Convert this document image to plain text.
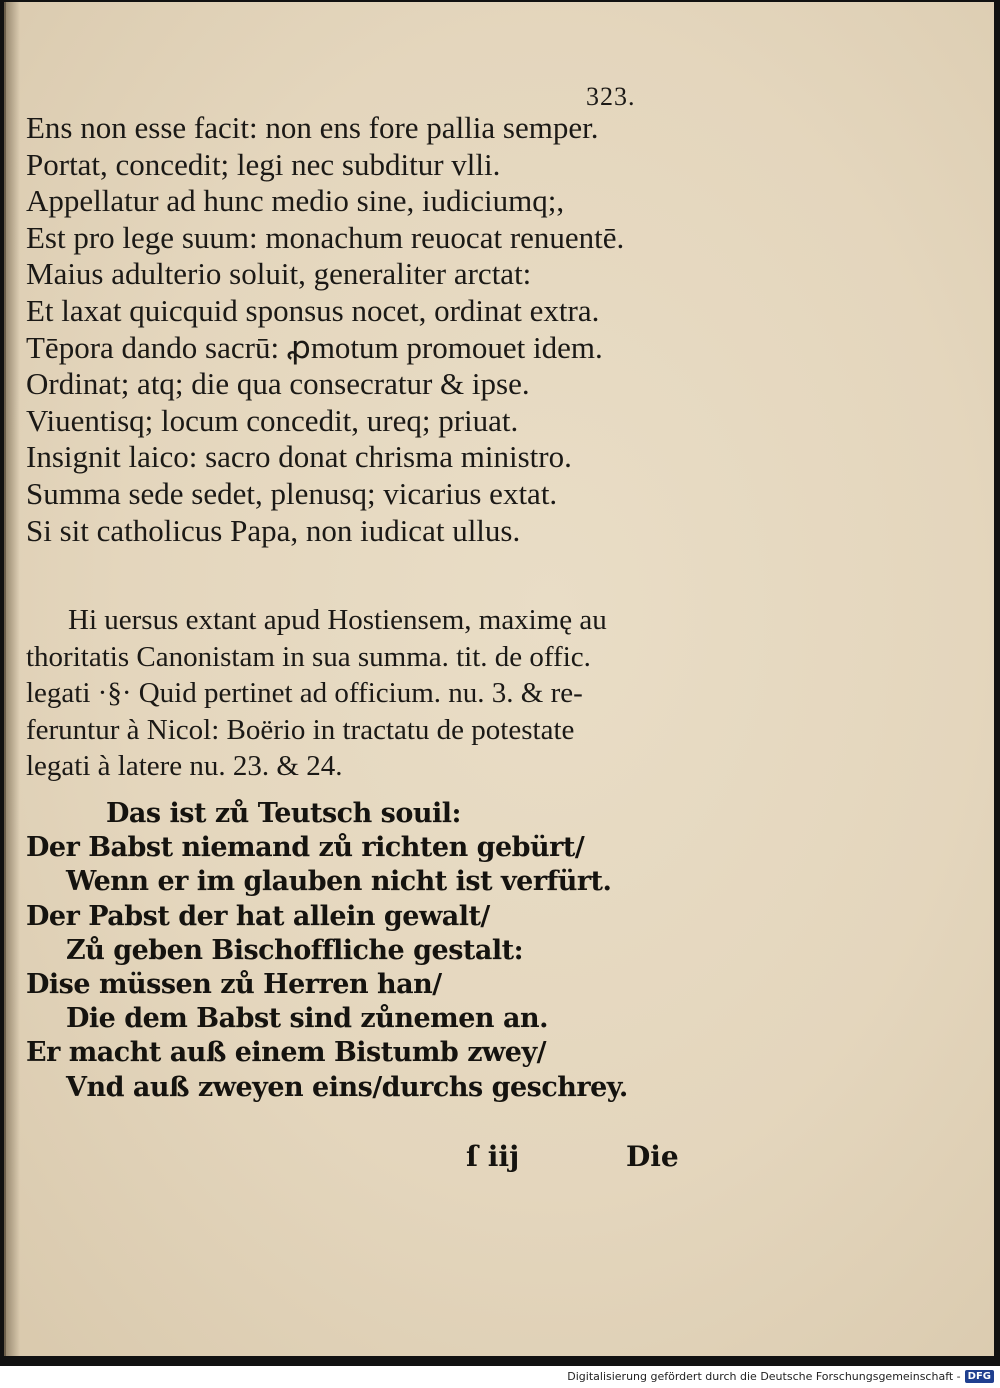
323.
Ens non esse facit: non ens fore pallia semper.
Portat, concedit; legi nec subditur vlli.
Appellatur ad hunc medio sine, iudiciumq;,
Est pro lege suum: monachum reuocat renuentē.
Maius adulterio soluit, generaliter arctat:
Et laxat quicquid sponsus nocet, ordinat extra.
Tēpora dando sacrū: ꝓmotum promouet idem.
Ordinat; atq; die qua consecratur & ipse.
Viuentisq; locum concedit, ureq; priuat.
Insignit laico: sacro donat chrisma ministro.
Summa sede sedet, plenusq; vicarius extat.
Si sit catholicus Papa, non iudicat ullus.
Hi uersus extant apud Hostiensem, maximę au
thoritatis Canonistam in sua summa. tit. de offic.
legati ·§· Quid pertinet ad officium. nu. 3. & re-
feruntur à Nicol: Boërio in tractatu de potestate
legati à latere nu. 23. & 24.
Das ist zů Teutsch souil:
Der Babst niemand zů richten gebürt/
Wenn er im glauben nicht ist verfürt.
Der Pabst der hat allein gewalt/
Zů geben Bischoffliche gestalt:
Dise müssen zů Herren han/
Die dem Babst sind zůnemen an.
Er macht auß einem Bistumb zwey/
Vnd auß zweyen eins/durchs geschrey.
ſ iij	Die
Digitalisierung gefördert durch die Deutsche Forschungsgemeinschaft - DFG
